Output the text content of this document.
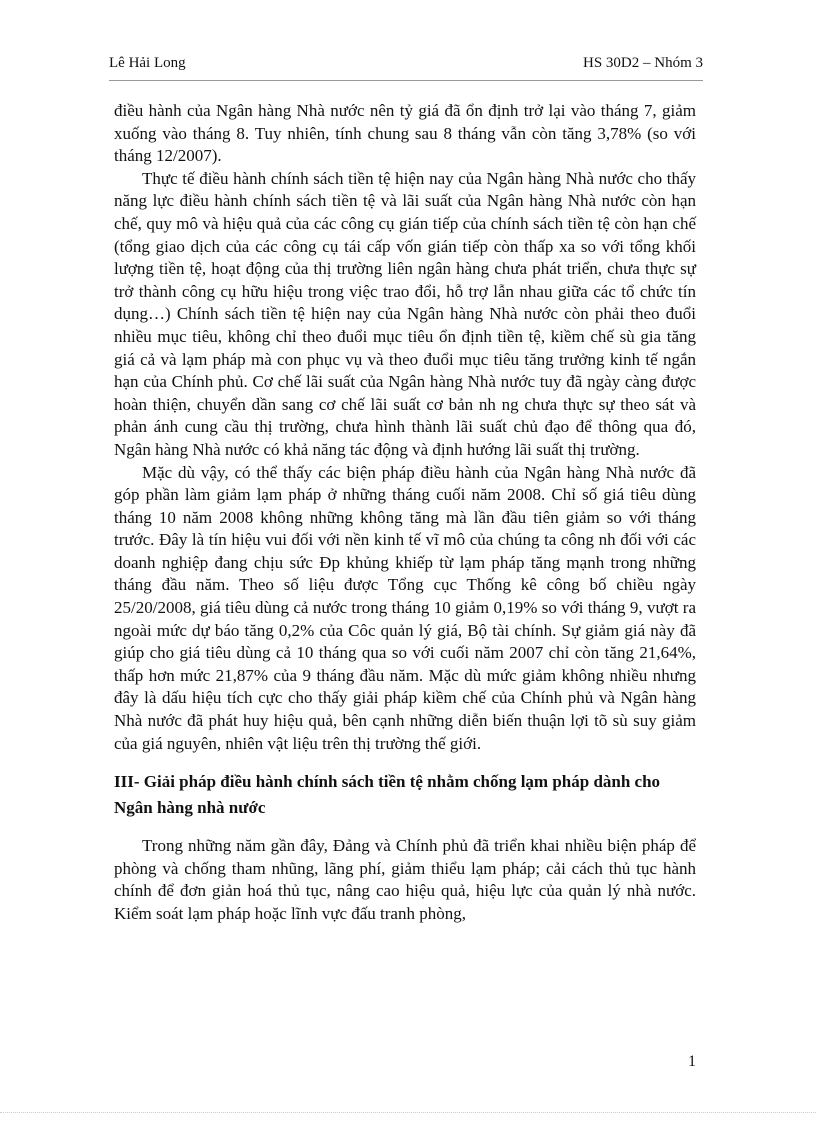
Lê Hải Long	HS 30D2 – Nhóm 3

điều hành của Ngân hàng Nhà nước nên tỷ giá đã ổn định trở lại vào tháng 7, giảm xuống vào tháng 8. Tuy nhiên, tính chung sau 8 tháng vẫn còn tăng 3,78% (so với tháng 12/2007).

Thực tế điều hành chính sách tiền tệ hiện nay của Ngân hàng Nhà nước cho thấy năng lực điều hành chính sách tiền tệ và lãi suất của Ngân hàng Nhà nước còn hạn chế, quy mô và hiệu quả của các công cụ gián tiếp của chính sách tiền tệ còn hạn chế (tổng giao dịch của các công cụ tái cấp vốn gián tiếp còn thấp xa so với tổng khối lượng tiền tệ, hoạt động của thị trường liên ngân hàng chưa phát triển, chưa thực sự trở thành công cụ hữu hiệu trong việc trao đổi, hỗ trợ lẫn nhau giữa các tổ chức tín dụng…) Chính sách tiền tệ hiện nay của Ngân hàng Nhà nước còn phải theo đuổi nhiều mục tiêu, không chỉ theo đuổi mục tiêu ổn định tiền tệ, kiềm chế sù gia tăng giá cả và lạm pháp mà con phục vụ và theo đuổi mục tiêu tăng trưởng kinh tế ngắn hạn của Chính phủ. Cơ chế lãi suất của Ngân hàng Nhà nước tuy đã ngày càng được hoàn thiện, chuyển dần sang cơ chế lãi suất cơ bản nh ng chưa thực sự theo sát và phản ánh cung cầu thị trường, chưa hình thành lãi suất chủ đạo để thông qua đó, Ngân hàng Nhà nước có khả năng tác động và định hướng lãi suất thị trường.

Mặc dù vậy, có thể thấy các biện pháp điều hành của Ngân hàng Nhà nước đã góp phần làm giảm lạm pháp ở những tháng cuối năm 2008. Chỉ số giá tiêu dùng tháng 10 năm 2008 không những không tăng mà lần đầu tiên giảm so với tháng trước. Đây là tín hiệu vui đối với nền kinh tế vĩ mô của chúng ta công nh đối với các doanh nghiệp đang chịu sức Ðp khủng khiếp từ lạm pháp tăng mạnh trong những tháng đầu năm. Theo số liệu được Tổng cục Thống kê công bố chiều ngày 25/20/2008, giá tiêu dùng cả nước trong tháng 10 giảm 0,19% so với tháng 9, vượt ra ngoài mức dự báo tăng 0,2% của Côc quản lý giá, Bộ tài chính. Sự giảm giá này đã giúp cho giá tiêu dùng cả 10 tháng qua so với cuối năm 2007 chỉ còn tăng 21,64%, thấp hơn mức 21,87% của 9 tháng đầu năm. Mặc dù mức giảm không nhiều nhưng đây là dấu hiệu tích cực cho thấy giải pháp kiềm chế của Chính phủ và Ngân hàng Nhà nước đã phát huy hiệu quả, bên cạnh những diễn biến thuận lợi tõ sù suy giảm của giá nguyên, nhiên vật liệu trên thị trường thế giới.

III- Giải pháp điều hành chính sách tiền tệ nhằm chống lạm pháp dành cho Ngân hàng nhà nước

Trong những năm gần đây, Đảng và Chính phủ đã triển khai nhiều biện pháp để phòng và chống tham nhũng, lãng phí, giảm thiểu lạm pháp; cải cách thủ tục hành chính để đơn giản hoá thủ tục, nâng cao hiệu quả, hiệu lực của quản lý nhà nước. Kiểm soát lạm pháp hoặc lĩnh vực đấu tranh phòng,

1
